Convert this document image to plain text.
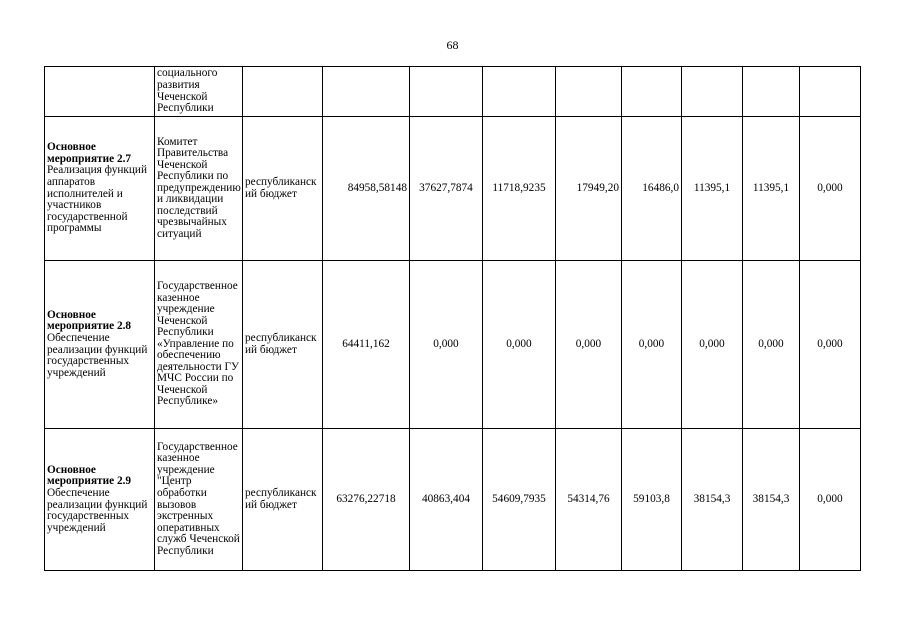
68
	социального развития Чеченской Республики									

Основное мероприятие 2.7
Реализация функций аппаратов исполнителей и участников государственной программы	Комитет Правительства Чеченской Республики по предупреждению и ликвидации последствий чрезвычайных ситуаций	республиканский бюджет	84958,58148	37627,7874	11718,9235	17949,20	16486,0	11395,1	11395,1	0,000

Основное мероприятие 2.8
Обеспечение реализации функций государственных учреждений	Государственное казенное учреждение Чеченской Республики «Управление по обеспечению деятельности ГУ МЧС России по Чеченской Республике»	республиканский бюджет	64411,162	0,000	0,000	0,000	0,000	0,000	0,000	0,000

Основное мероприятие 2.9
Обеспечение реализации функций государственных учреждений	Государственное казенное учреждение "Центр обработки вызовов экстренных оперативных служб Чеченской Республики	республиканский бюджет	63276,22718	40863,404	54609,7935	54314,76	59103,8	38154,3	38154,3	0,000
